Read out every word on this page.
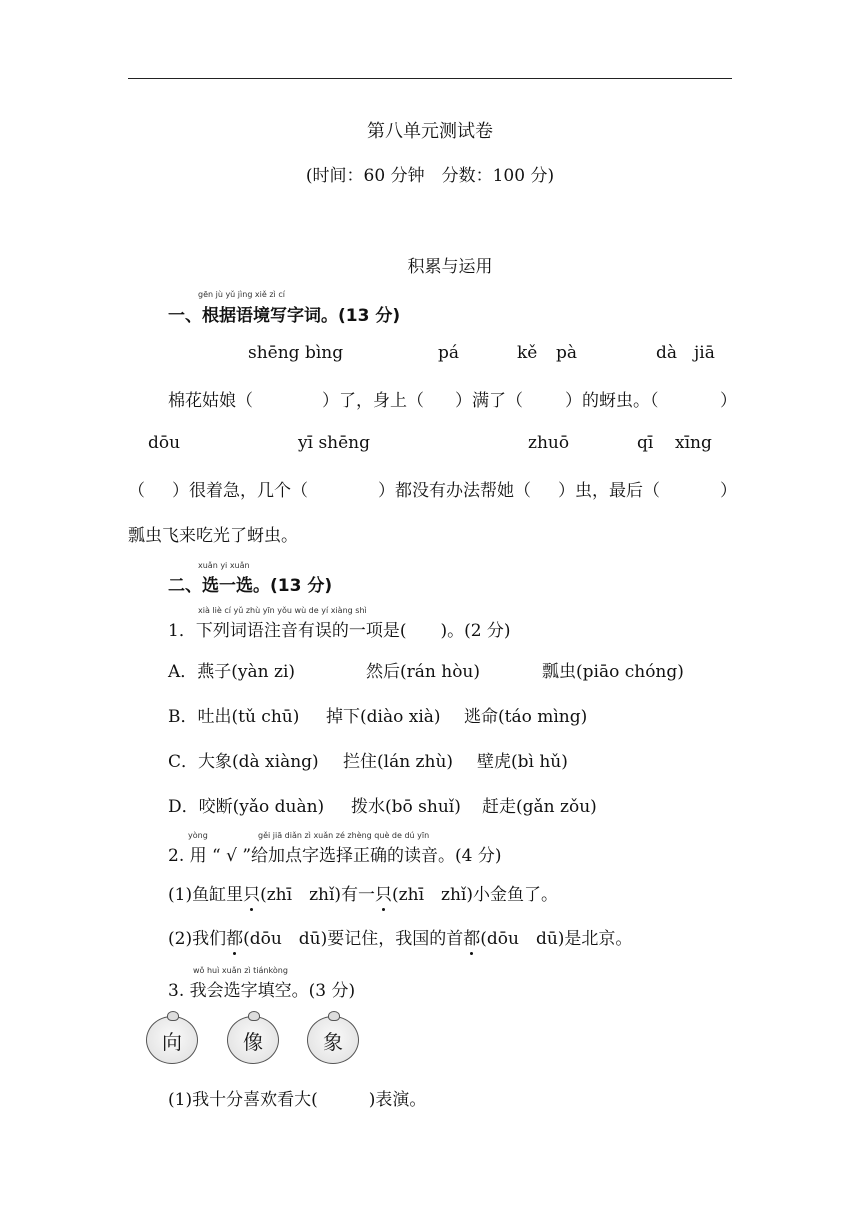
第八单元测试卷
(时间：60 分钟　分数：100 分)
积累与运用
gēn jù yǔ jìng xiě zì cí
一、根据语境写字词。(13 分)
shēng bìng	pá	kě pà	dà jiā
棉花姑娘（	）了，身上（ ）满了（ ）的蚜虫。（	）
dōu	yī shēng	zhuō	qī xīng
（ ）很着急，几个（	）都没有办法帮她（ ）虫，最后（	）
瓢虫飞来吃光了蚜虫。
xuǎn yi xuǎn
二、选一选。(13 分)
xià liè cí yǔ zhù yīn yǒu wù de yí xiàng shì
1．下列词语注音有误的一项是(　　)。(2 分)
A．燕子(yàn zi)	然后(rán hòu)	瓢虫(piāo chóng)
B．吐出(tǔ chū) 掉下(diào xià) 逃命(táo mìng)
C．大象(dà xiàng) 拦住(lán zhù) 壁虎(bì hǔ)
D．咬断(yǎo duàn) 拨水(bō shuǐ) 赶走(gǎn zǒu)
yòng	gěi jiā diǎn zì xuǎn zé zhèng què de dú yīn
2. 用 “ √ ”给加点字选择正确的读音。(4 分)
(1)鱼缸里只(zhī　zhǐ)有一只(zhī　zhǐ)小金鱼了。
(2)我们都(dōu　dū)要记住，我国的首都(dōu　dū)是北京。
wǒ huì xuǎn zì tiánkòng
3. 我会选字填空。(3 分)
向	像	象
(1)我十分喜欢看大(　　　)表演。
